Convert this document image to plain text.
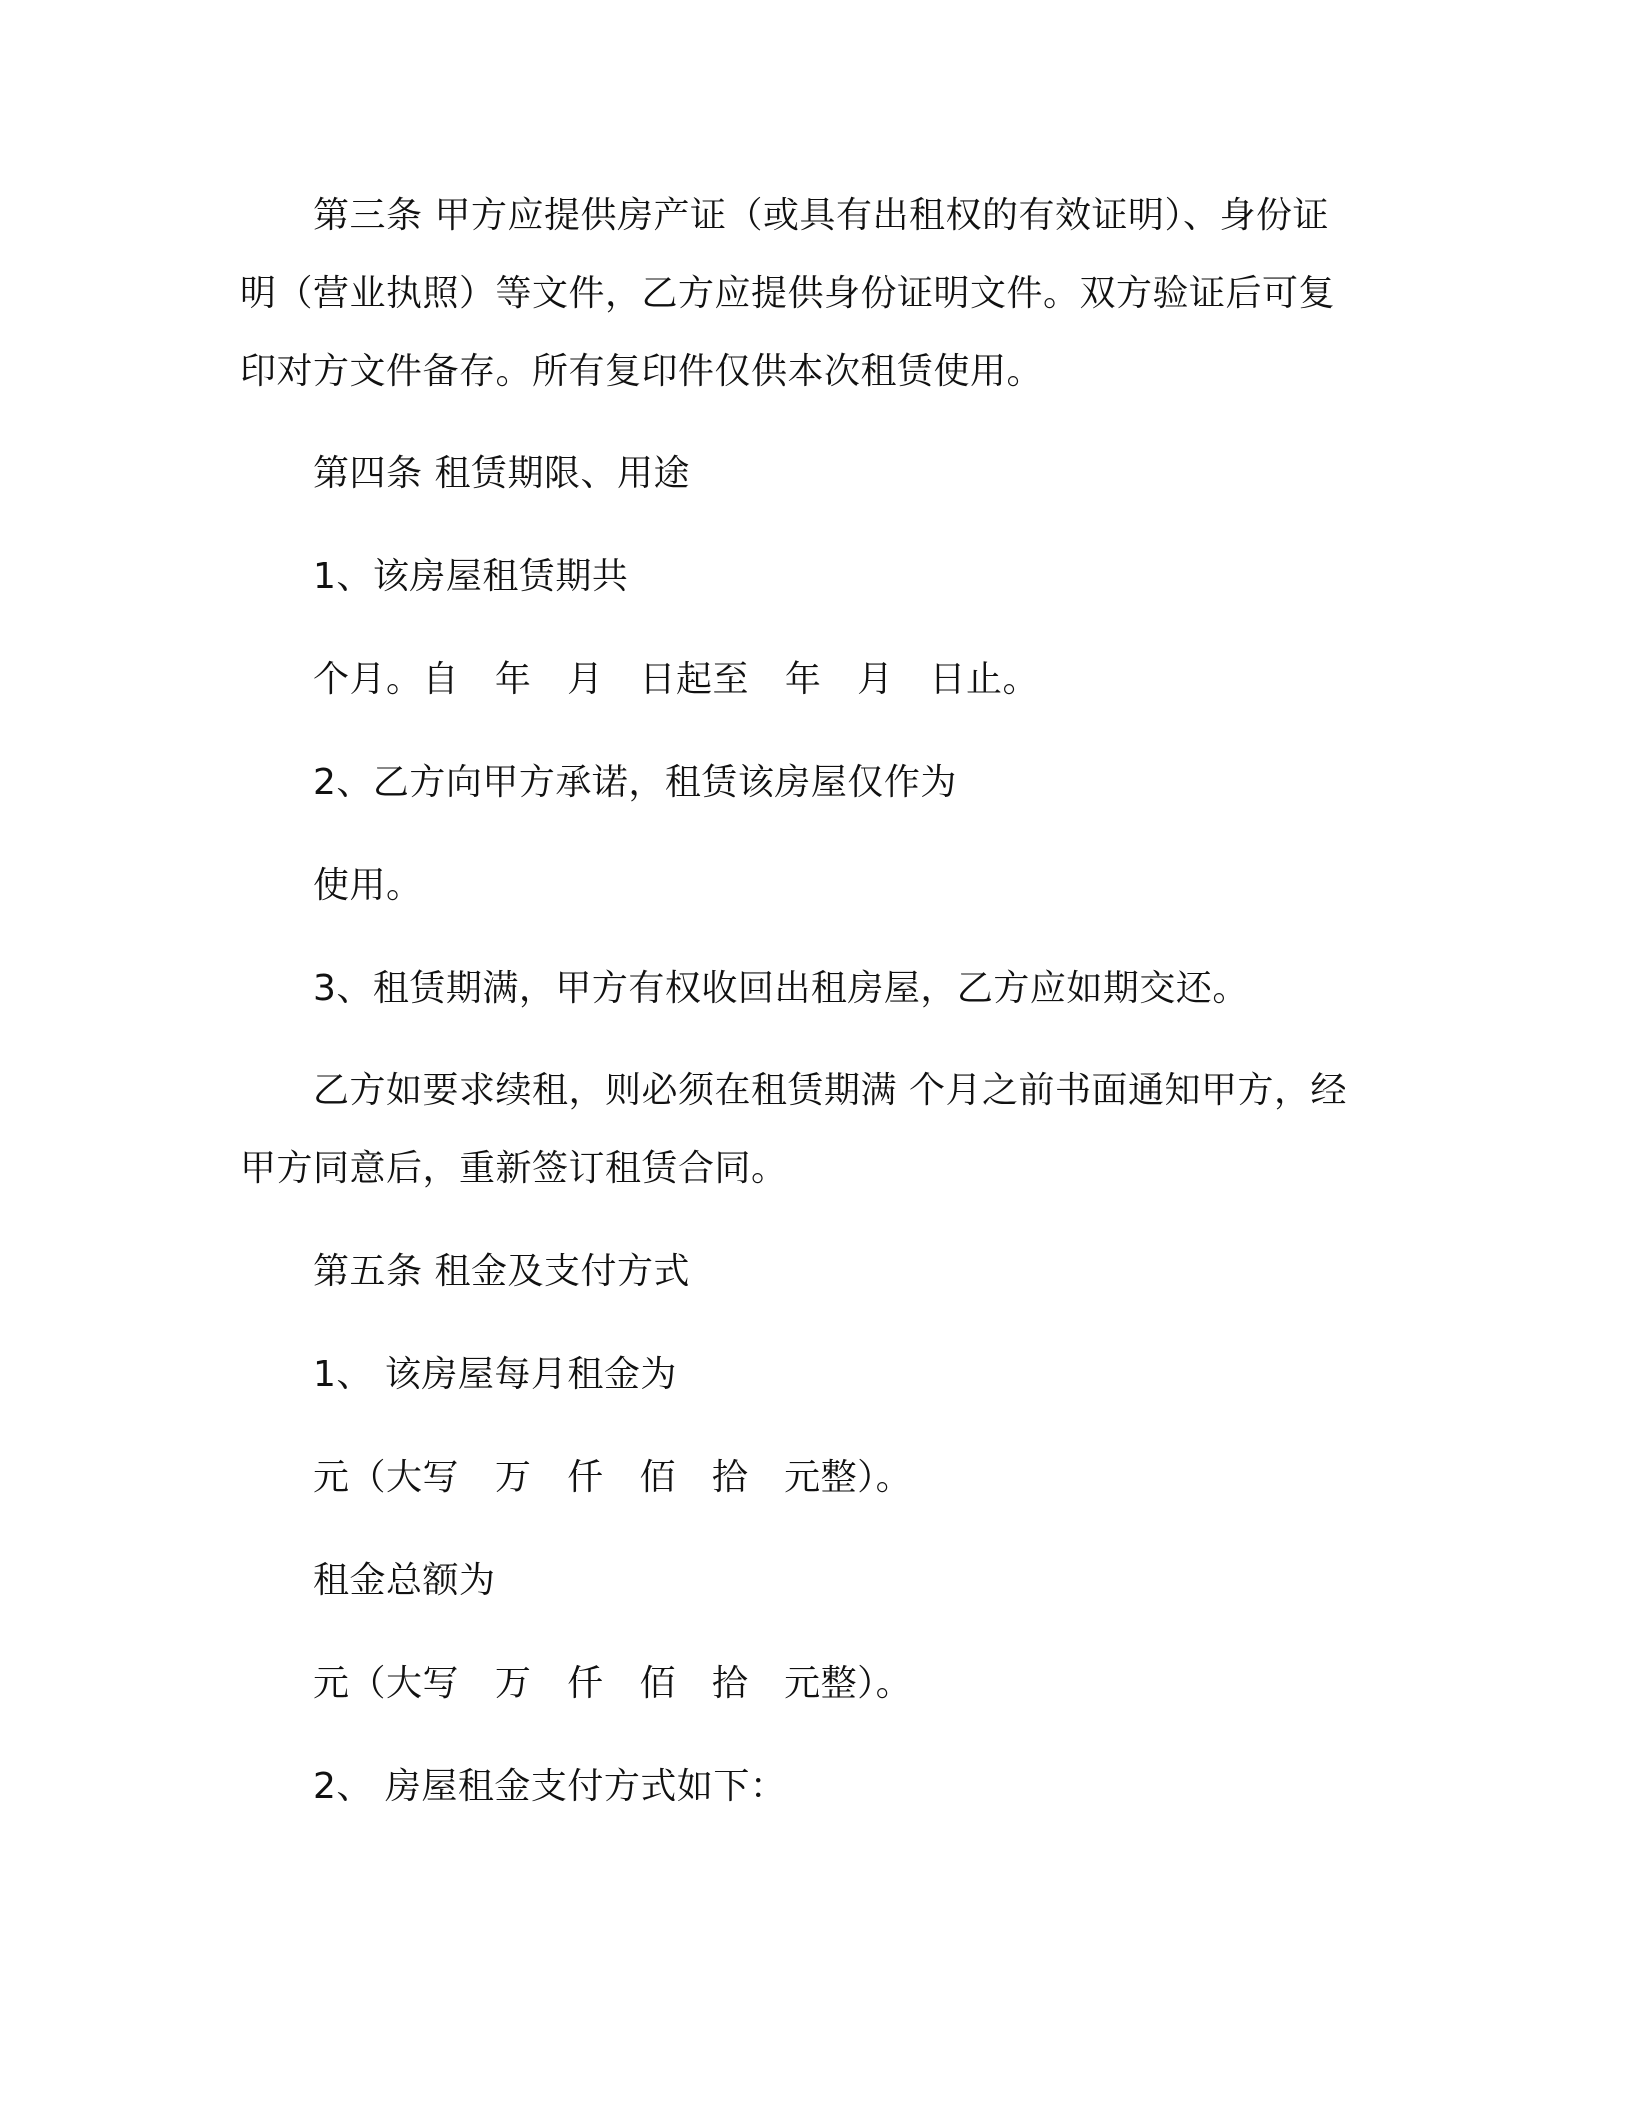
第三条 甲方应提供房产证（或具有出租权的有效证明）、身份证
明（营业执照）等文件，乙方应提供身份证明文件。双方验证后可复
印对方文件备存。所有复印件仅供本次租赁使用。
第四条 租赁期限、用途
1、该房屋租赁期共
个月。自   年   月   日起至   年   月   日止。
2、乙方向甲方承诺，租赁该房屋仅作为
使用。
3、租赁期满，甲方有权收回出租房屋，乙方应如期交还。
乙方如要求续租，则必须在租赁期满 个月之前书面通知甲方，经
甲方同意后，重新签订租赁合同。
第五条 租金及支付方式
1、 该房屋每月租金为
元（大写   万   仟   佰   拾   元整）。
租金总额为
元（大写   万   仟   佰   拾   元整）。
2、 房屋租金支付方式如下：
